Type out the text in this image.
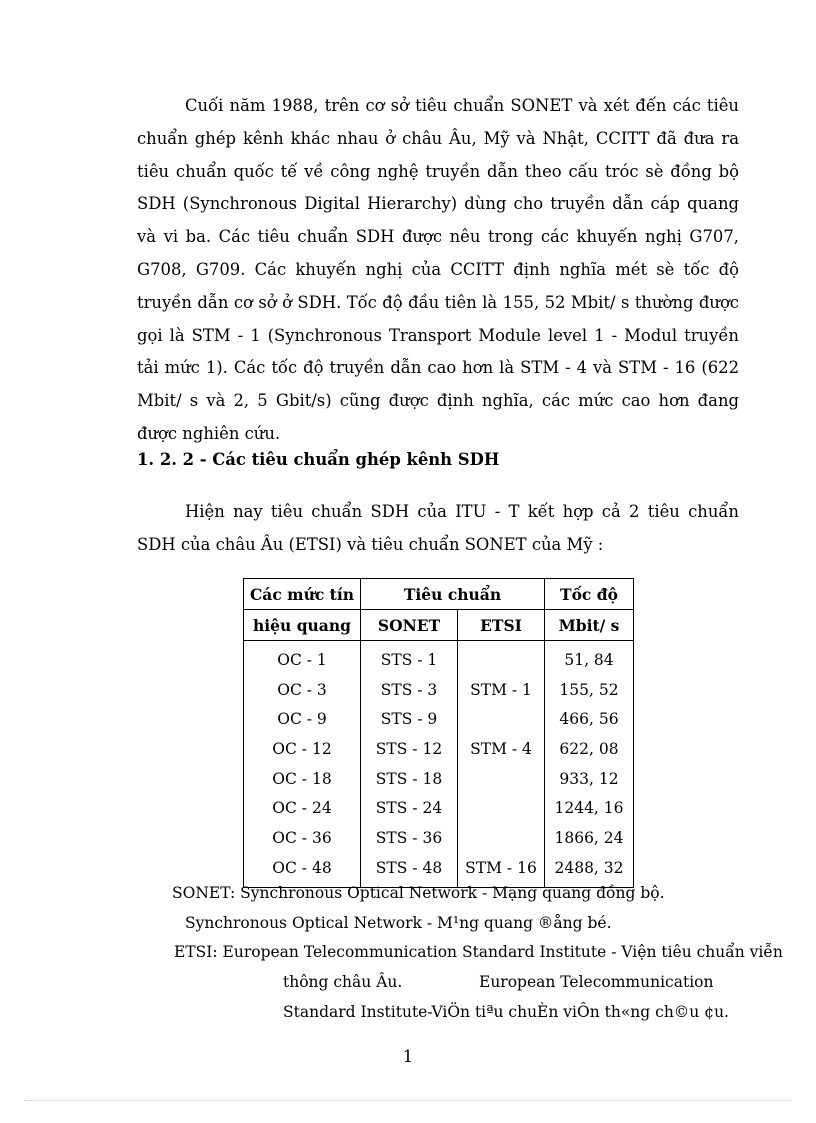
Cuối năm 1988, trên cơ sở tiêu chuẩn SONET và xét đến các tiêu chuẩn ghép kênh khác nhau ở châu Âu, Mỹ và Nhật, CCITT đã đưa ra tiêu chuẩn quốc tế về công nghệ truyền dẫn theo cấu tróc sè đồng bộ SDH (Synchronous Digital Hierarchy) dùng cho truyền dẫn cáp quang và vi ba. Các tiêu chuẩn SDH được nêu trong các khuyến nghị G707, G708, G709. Các khuyến nghị của CCITT định nghĩa mét sè tốc độ truyền dẫn cơ sở ở SDH. Tốc độ đầu tiên là 155, 52 Mbit/ s thường được gọi là STM - 1 (Synchronous Transport Module level 1 - Modul truyền tải mức 1). Các tốc độ truyền dẫn cao hơn là STM - 4 và STM - 16 (622 Mbit/ s và 2, 5 Gbit/s) cũng được định nghĩa, các mức cao hơn đang được nghiên cứu.

1. 2. 2 - Các tiêu chuẩn ghép kênh SDH

Hiện nay tiêu chuẩn SDH của ITU - T kết hợp cả 2 tiêu chuẩn SDH của châu Âu (ETSI) và tiêu chuẩn SONET của Mỹ :

Các mức tín	Tiêu chuẩn		Tốc độ
hiệu quang	SONET	ETSI	Mbit/ s
OC - 1	STS - 1		51, 84
OC - 3	STS - 3	STM - 1	155, 52
OC - 9	STS - 9		466, 56
OC - 12	STS - 12	STM - 4	622, 08
OC - 18	STS - 18		933, 12
OC - 24	STS - 24		1244, 16
OC - 36	STS - 36		1866, 24
OC - 48	STS - 48	STM - 16	2488, 32

SONET: Synchronous Optical Network - Mạng quang đồng bộ.

Synchronous Optical Network - M¹ng quang ®ång bé.

ETSI: European Telecommunication Standard Institute - Viện tiêu chuẩn viễn

thông châu Âu.	European Telecommunication

Standard Institute-ViÖn tiªu chuÈn viÔn th«ng ch©u ¢u.

1
